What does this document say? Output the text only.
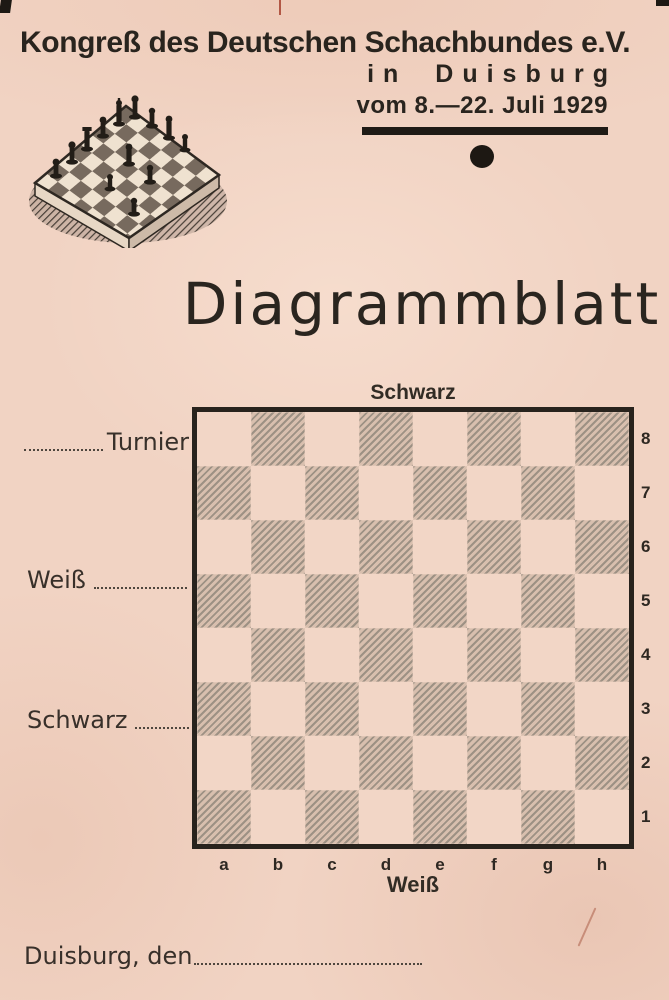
Kongreß des Deutschen Schachbundes e.V.
in Duisburg
vom 8.—22. Juli 1929
Diagrammblatt
Schwarz
8
7
6
5
4
3
2
1
a	b	c	d	e	f	g	h
Weiß
Turnier
Weiß
Schwarz
Duisburg, den
